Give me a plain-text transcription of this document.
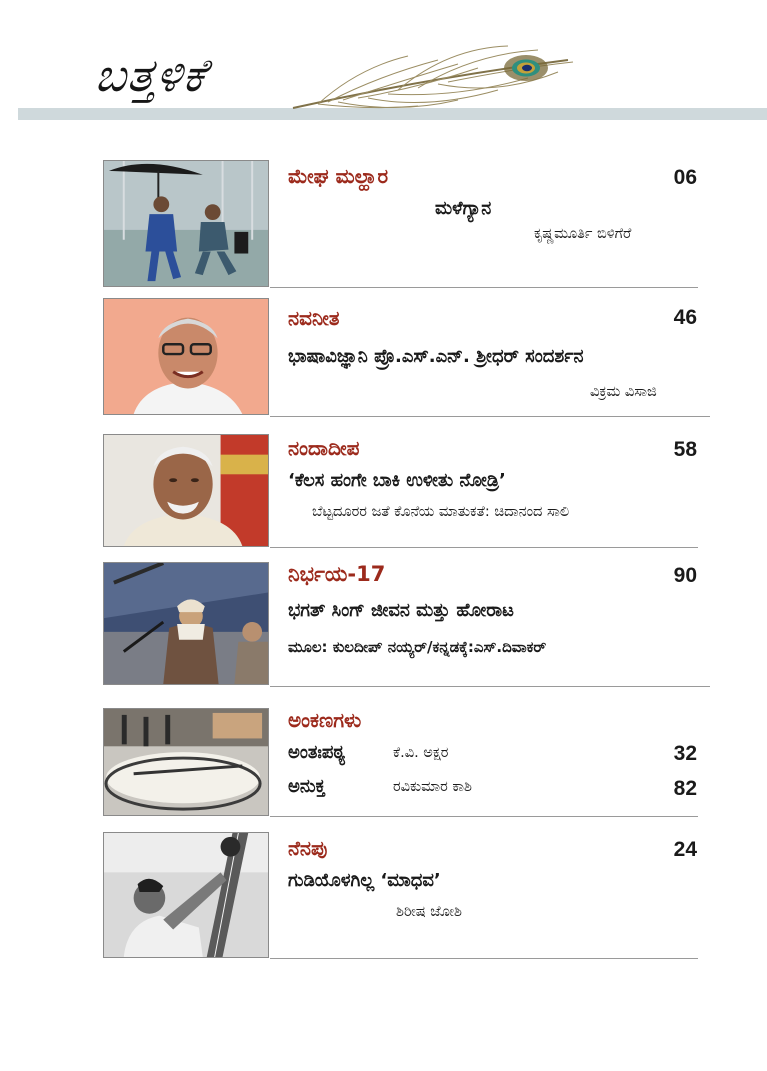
ಬತ್ತಳಿಕೆ
ಮೇಘ ಮಲ್ಹಾರ	06
ಮಳೆಗ್ಯಾನ
ಕೃಷ್ಣಮೂರ್ತಿ ಬಿಳಿಗೆರೆ
ನವನೀತ	46
ಭಾಷಾವಿಜ್ಞಾನಿ ಪ್ರೊ.ಎಸ್.ಎನ್. ಶ್ರೀಧರ್ ಸಂದರ್ಶನ
ವಿಕ್ರಮ ವಿಸಾಜಿ
ನಂದಾದೀಪ	58
‘ಕೆಲಸ ಹಂಗೇ ಬಾಕಿ ಉಳೀತು ನೋಡ್ರಿ’
ಬೆಟ್ಟದೂರರ ಜತೆ ಕೊನೆಯ ಮಾತುಕತೆ: ಚಿದಾನಂದ ಸಾಲಿ
ನಿರ್ಭಯ-17	90
ಭಗತ್ ಸಿಂಗ್ ಜೀವನ ಮತ್ತು ಹೋರಾಟ
ಮೂಲ: ಕುಲದೀಪ್ ನಯ್ಯರ್/ಕನ್ನಡಕ್ಕೆ:ಎಸ್.ದಿವಾಕರ್
ಅಂಕಣಗಳು
ಅಂತಃಪಠ್ಯ	ಕೆ.ವಿ. ಅಕ್ಷರ	32
ಅನುಕ್ತ	ರವಿಕುಮಾರ ಕಾಶಿ	82
ನೆನಪು	24
ಗುಡಿಯೊಳಗಿಲ್ಲ ‘ಮಾಧವ’
ಶಿರೀಷ ಜೋಶಿ
